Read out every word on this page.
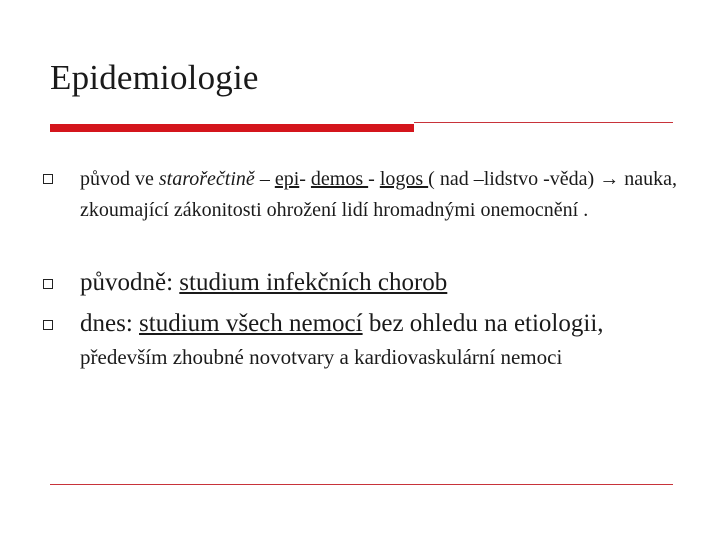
Epidemiologie
původ ve starořečtině – epi- demos - logos ( nad –lidstvo -věda) → nauka, zkoumající zákonitosti ohrožení lidí hromadnými onemocnění .
původně: studium infekčních chorob
dnes: studium všech nemocí bez ohledu na etiologii, především zhoubné novotvary a kardiovaskulární nemoci
